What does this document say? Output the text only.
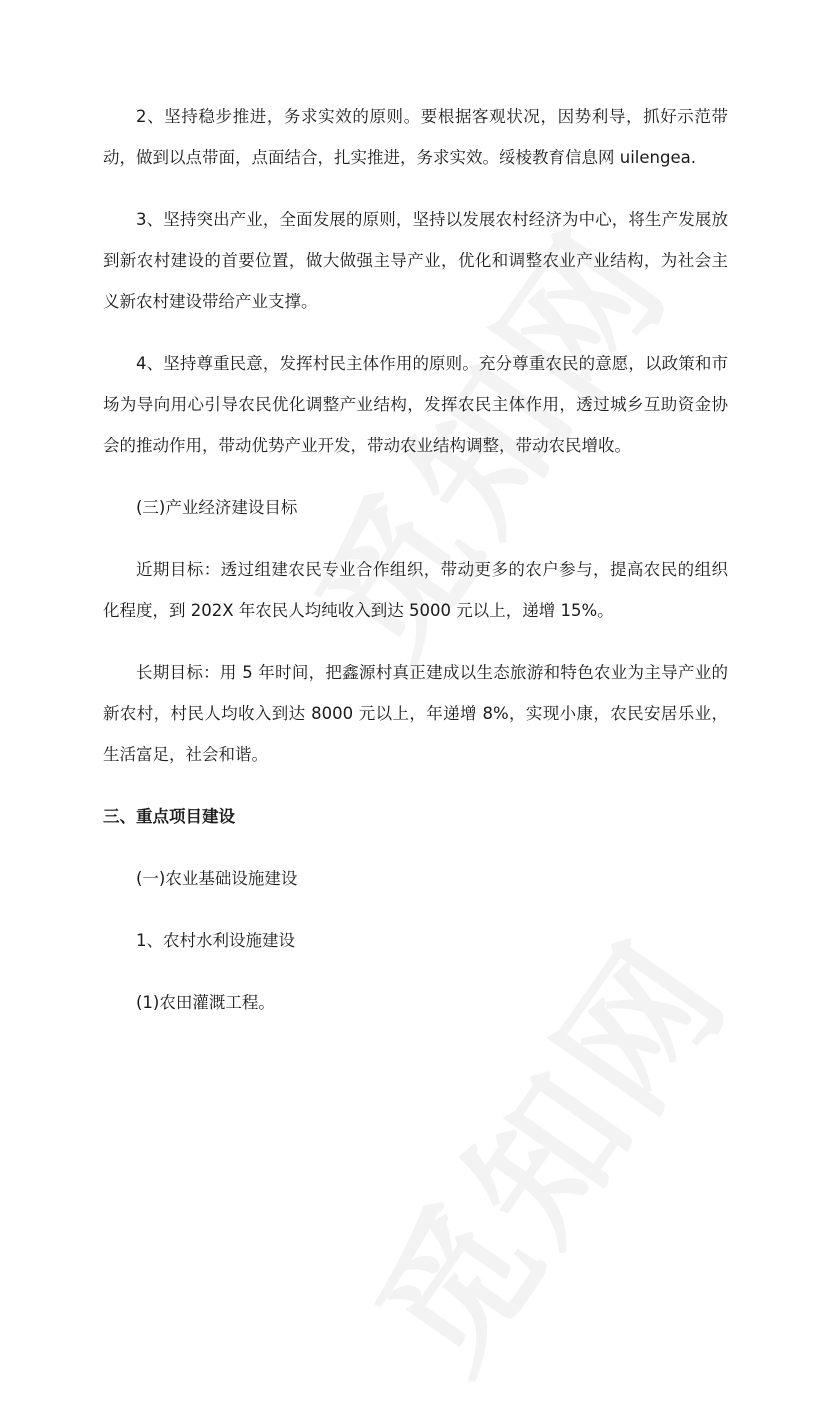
2、坚持稳步推进，务求实效的原则。要根据客观状况，因势利导，抓好示范带动，做到以点带面，点面结合，扎实推进，务求实效。绥棱教育信息网 uilengea.

3、坚持突出产业，全面发展的原则，坚持以发展农村经济为中心，将生产发展放到新农村建设的首要位置，做大做强主导产业，优化和调整农业产业结构，为社会主义新农村建设带给产业支撑。

4、坚持尊重民意，发挥村民主体作用的原则。充分尊重农民的意愿，以政策和市场为导向用心引导农民优化调整产业结构，发挥农民主体作用，透过城乡互助资金协会的推动作用，带动优势产业开发，带动农业结构调整，带动农民增收。

(三)产业经济建设目标

近期目标：透过组建农民专业合作组织，带动更多的农户参与，提高农民的组织化程度，到 202X 年农民人均纯收入到达 5000 元以上，递增 15%。

长期目标：用 5 年时间，把鑫源村真正建成以生态旅游和特色农业为主导产业的新农村，村民人均收入到达 8000 元以上，年递增 8%，实现小康，农民安居乐业，生活富足，社会和谐。

三、重点项目建设

(一)农业基础设施建设

1、农村水利设施建设

(1)农田灌溉工程。
